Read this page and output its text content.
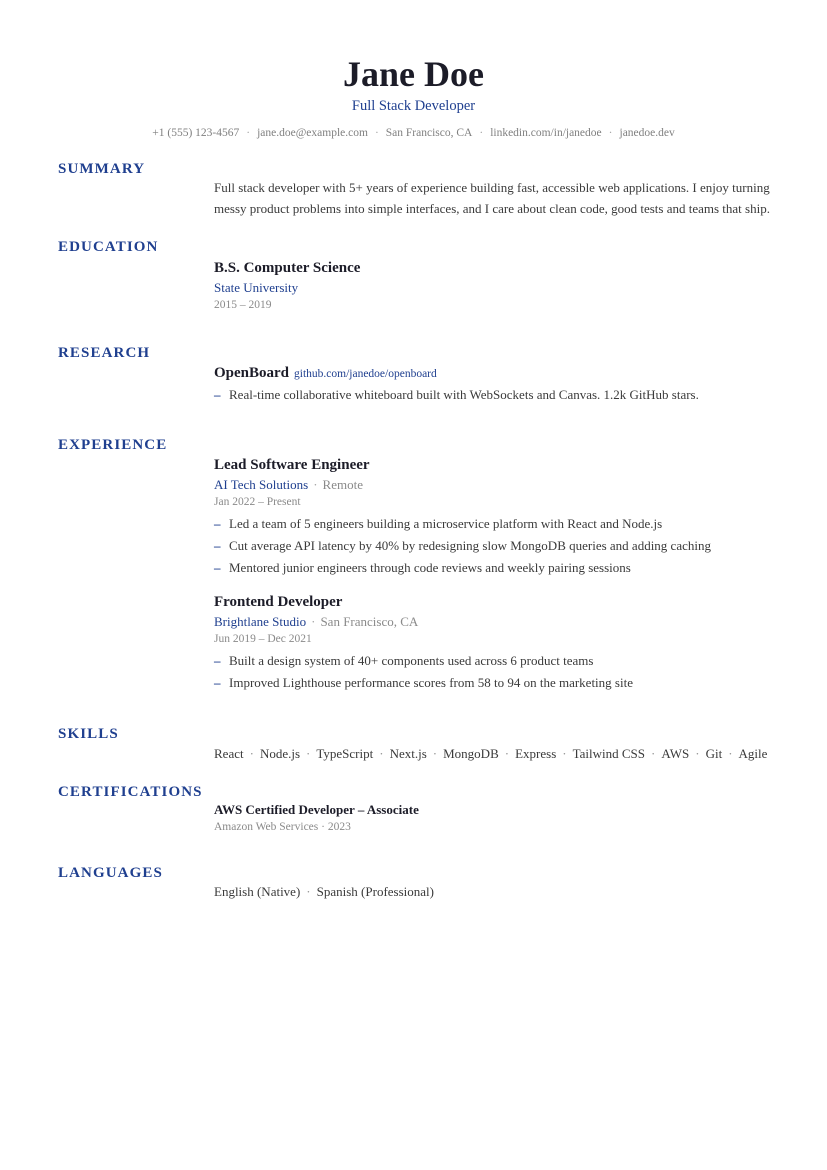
Jane Doe
Full Stack Developer
+1 (555) 123-4567 · jane.doe@example.com · San Francisco, CA · linkedin.com/in/janedoe · janedoe.dev
SUMMARY
Full stack developer with 5+ years of experience building fast, accessible web applications. I enjoy turning messy product problems into simple interfaces, and I care about clean code, good tests and teams that ship.
EDUCATION
B.S. Computer Science
State University
2015 – 2019
RESEARCH
OpenBoard github.com/janedoe/openboard
– Real-time collaborative whiteboard built with WebSockets and Canvas. 1.2k GitHub stars.
EXPERIENCE
Lead Software Engineer
AI Tech Solutions · Remote
Jan 2022 – Present
– Led a team of 5 engineers building a microservice platform with React and Node.js
– Cut average API latency by 40% by redesigning slow MongoDB queries and adding caching
– Mentored junior engineers through code reviews and weekly pairing sessions
Frontend Developer
Brightlane Studio · San Francisco, CA
Jun 2019 – Dec 2021
– Built a design system of 40+ components used across 6 product teams
– Improved Lighthouse performance scores from 58 to 94 on the marketing site
SKILLS
React · Node.js · TypeScript · Next.js · MongoDB · Express · Tailwind CSS · AWS · Git · Agile
CERTIFICATIONS
AWS Certified Developer – Associate
Amazon Web Services · 2023
LANGUAGES
English (Native) · Spanish (Professional)
